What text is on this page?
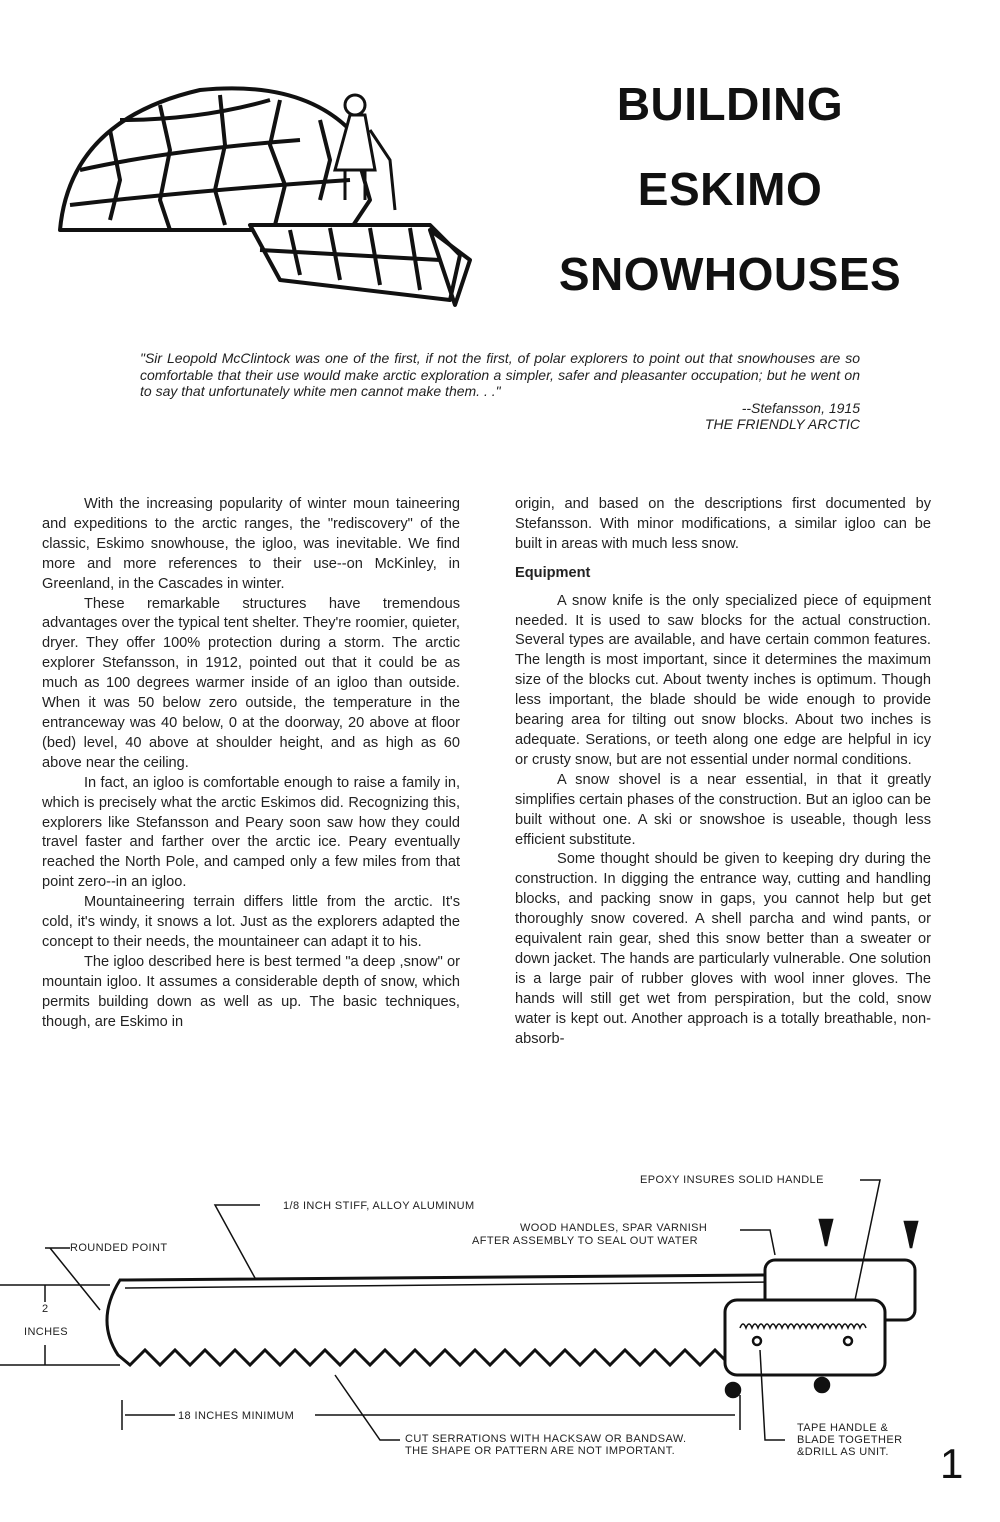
BUILDING
ESKIMO
SNOWHOUSES

"Sir Leopold McClintock was one of the first, if not the first, of polar explorers to point out that snowhouses are so comfortable that their use would make arctic exploration a simpler, safer and pleasanter occupation; but he went on to say that unfortunately white men cannot make them. . ."

--Stefansson, 1915

THE FRIENDLY ARCTIC

With the increasing popularity of winter moun taineering and expeditions to the arctic ranges, the "rediscovery" of the classic, Eskimo snowhouse, the igloo, was inevitable. We find more and more references to their use--on McKinley, in Greenland, in the Cascades in winter.

These remarkable structures have tremendous advantages over the typical tent shelter. They're roomier, quieter, dryer. They offer 100% protection during a storm. The arctic explorer Stefansson, in 1912, pointed out that it could be as much as 100 degrees warmer inside of an igloo than outside. When it was 50 below zero outside, the temperature in the entranceway was 40 below, 0 at the doorway, 20 above at floor (bed) level, 40 above at shoulder height, and as high as 60 above near the ceiling.

In fact, an igloo is comfortable enough to raise a family in, which is precisely what the arctic Eskimos did. Recognizing this, explorers like Stefansson and Peary soon saw how they could travel faster and farther over the arctic ice. Peary eventually reached the North Pole, and camped only a few miles from that point zero--in an igloo.

Mountaineering terrain differs little from the arctic. It's cold, it's windy, it snows a lot. Just as the explorers adapted the concept to their needs, the mountaineer can adapt it to his.

The igloo described here is best termed "a deep ,snow" or mountain igloo. It assumes a considerable depth of snow, which permits building down as well as up. The basic techniques, though, are Eskimo in

origin, and based on the descriptions first documented by Stefansson. With minor modifications, a similar igloo can be built in areas with much less snow.

Equipment

A snow knife is the only specialized piece of equipment needed. It is used to saw blocks for the actual construction. Several types are available, and have certain common features. The length is most important, since it determines the maximum size of the blocks cut. About twenty inches is optimum. Though less important, the blade should be wide enough to provide bearing area for tilting out snow blocks. About two inches is adequate. Serations, or teeth along one edge are helpful in icy or crusty snow, but are not essential under normal conditions.

A snow shovel is a near essential, in that it greatly simplifies certain phases of the construction. But an igloo can be built without one. A ski or snowshoe is useable, though less efficient substitute.

Some thought should be given to keeping dry during the construction. In digging the entrance way, cutting and handling blocks, and packing snow in gaps, you cannot help but get thoroughly snow covered. A shell parcha and wind pants, or equivalent rain gear, shed this snow better than a sweater or down jacket. The hands are particularly vulnerable. One solution is a large pair of rubber gloves with wool inner gloves. The hands will still get wet from perspiration, but the cold, snow water is kept out. Another approach is a totally breathable, non-absorb-

EPOXY INSURES SOLID HANDLE
1/8 INCH STIFF, ALLOY ALUMINUM
WOOD HANDLES, SPAR VARNISH
AFTER ASSEMBLY TO SEAL OUT WATER
ROUNDED POINT
2
INCHES
18 INCHES MINIMUM
CUT SERRATIONS WITH HACKSAW OR BANDSAW.
THE SHAPE OR PATTERN ARE NOT IMPORTANT.
TAPE HANDLE &
BLADE TOGETHER
&DRILL AS UNIT. 1
